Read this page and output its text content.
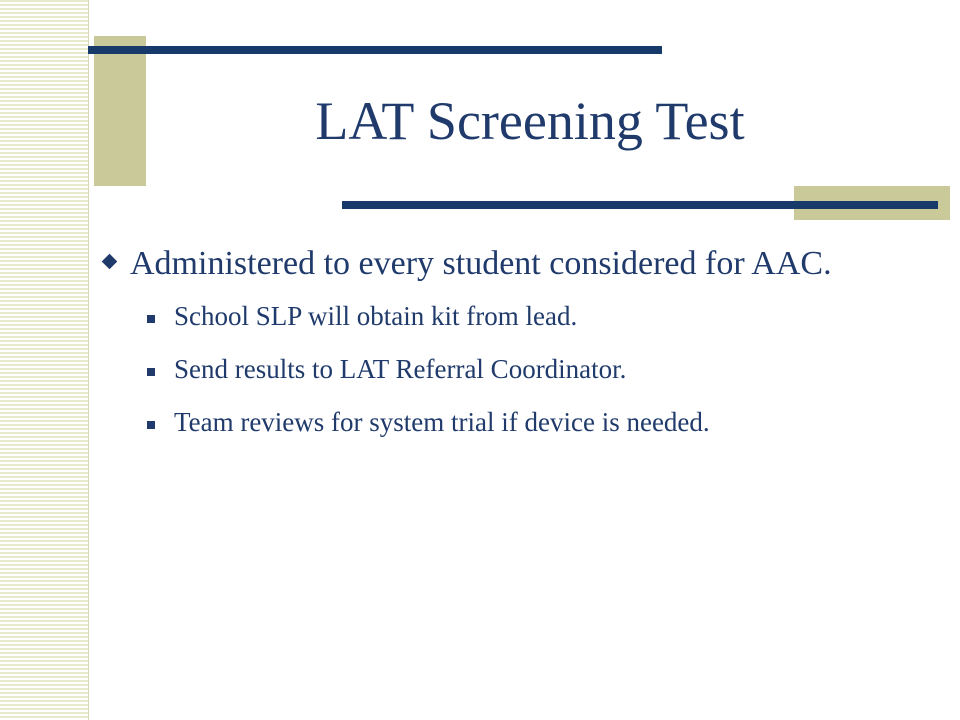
LAT Screening Test
Administered to every student considered for AAC.
School SLP will obtain kit from lead.
Send results to LAT Referral Coordinator.
Team reviews for system trial if device is needed.
